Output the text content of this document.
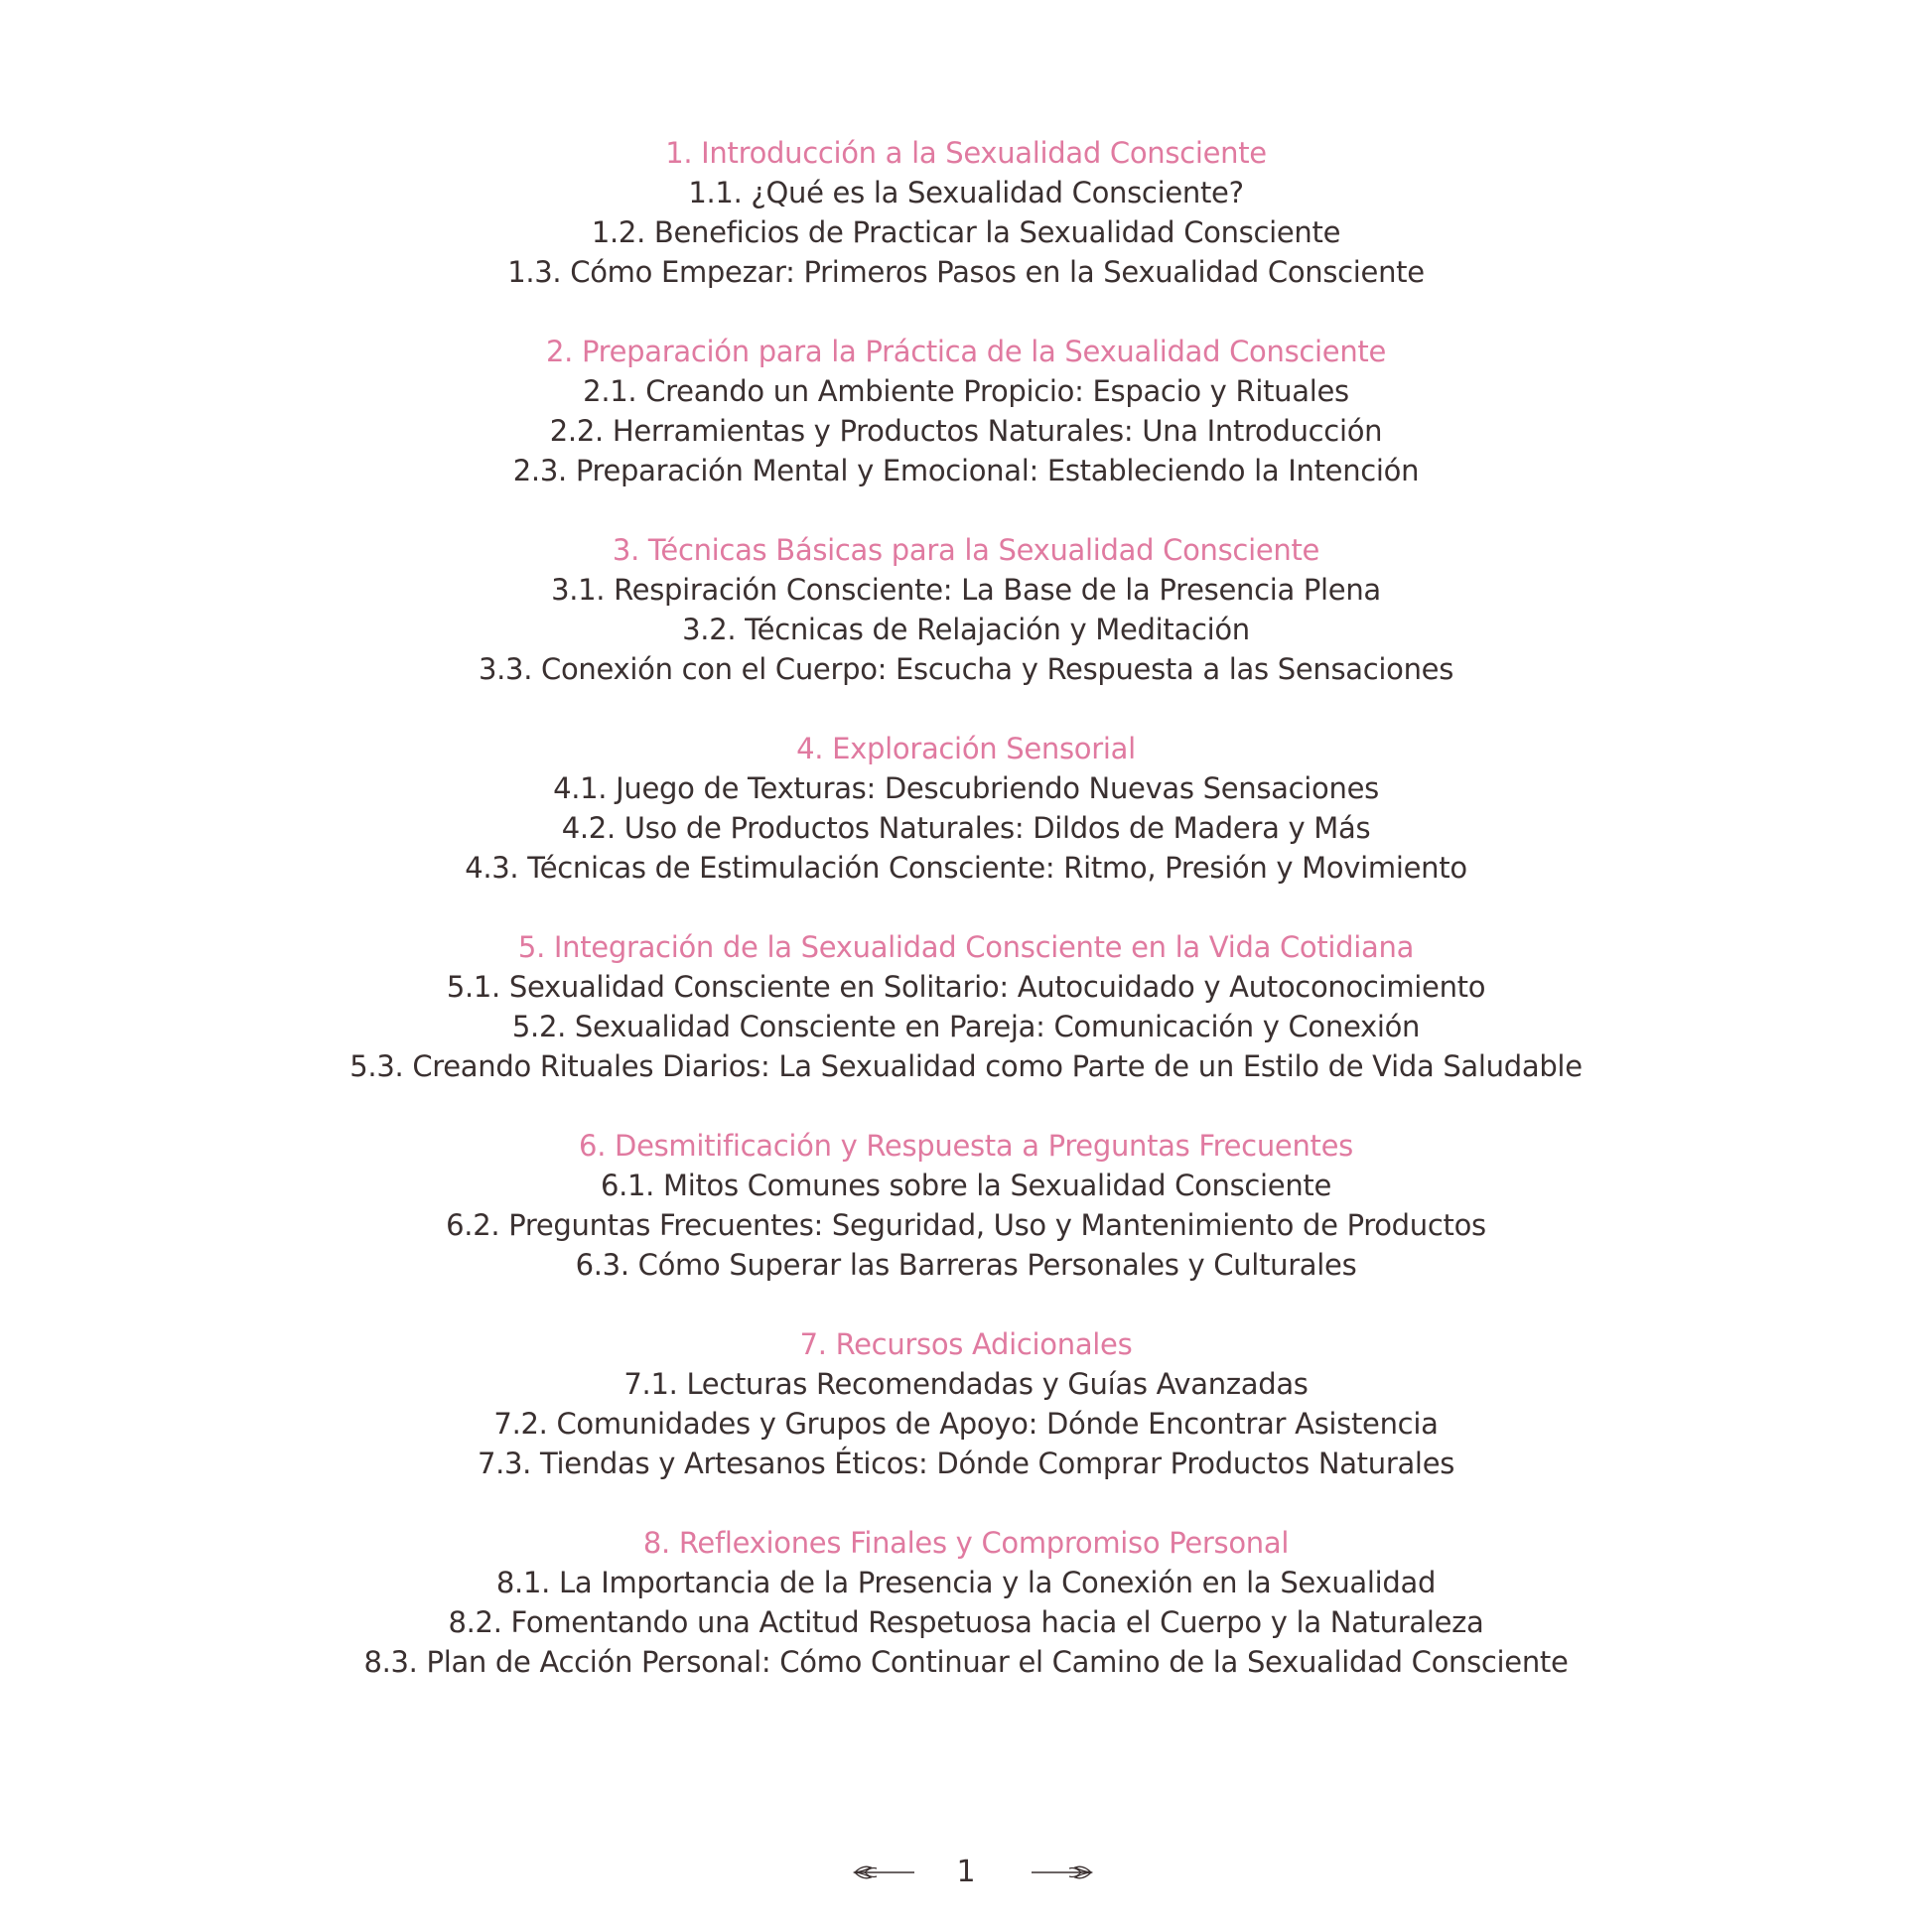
1. Introducción a la Sexualidad Consciente
1.1. ¿Qué es la Sexualidad Consciente?
1.2. Beneficios de Practicar la Sexualidad Consciente
1.3. Cómo Empezar: Primeros Pasos en la Sexualidad Consciente
2. Preparación para la Práctica de la Sexualidad Consciente
2.1. Creando un Ambiente Propicio: Espacio y Rituales
2.2. Herramientas y Productos Naturales: Una Introducción
2.3. Preparación Mental y Emocional: Estableciendo la Intención
3. Técnicas Básicas para la Sexualidad Consciente
3.1. Respiración Consciente: La Base de la Presencia Plena
3.2. Técnicas de Relajación y Meditación
3.3. Conexión con el Cuerpo: Escucha y Respuesta a las Sensaciones
4. Exploración Sensorial
4.1. Juego de Texturas: Descubriendo Nuevas Sensaciones
4.2. Uso de Productos Naturales: Dildos de Madera y Más
4.3. Técnicas de Estimulación Consciente: Ritmo, Presión y Movimiento
5. Integración de la Sexualidad Consciente en la Vida Cotidiana
5.1. Sexualidad Consciente en Solitario: Autocuidado y Autoconocimiento
5.2. Sexualidad Consciente en Pareja: Comunicación y Conexión
5.3. Creando Rituales Diarios: La Sexualidad como Parte de un Estilo de Vida Saludable
6. Desmitificación y Respuesta a Preguntas Frecuentes
6.1. Mitos Comunes sobre la Sexualidad Consciente
6.2. Preguntas Frecuentes: Seguridad, Uso y Mantenimiento de Productos
6.3. Cómo Superar las Barreras Personales y Culturales
7. Recursos Adicionales
7.1. Lecturas Recomendadas y Guías Avanzadas
7.2. Comunidades y Grupos de Apoyo: Dónde Encontrar Asistencia
7.3. Tiendas y Artesanos Éticos: Dónde Comprar Productos Naturales
8. Reflexiones Finales y Compromiso Personal
8.1. La Importancia de la Presencia y la Conexión en la Sexualidad
8.2. Fomentando una Actitud Respetuosa hacia el Cuerpo y la Naturaleza
8.3. Plan de Acción Personal: Cómo Continuar el Camino de la Sexualidad Consciente
1
